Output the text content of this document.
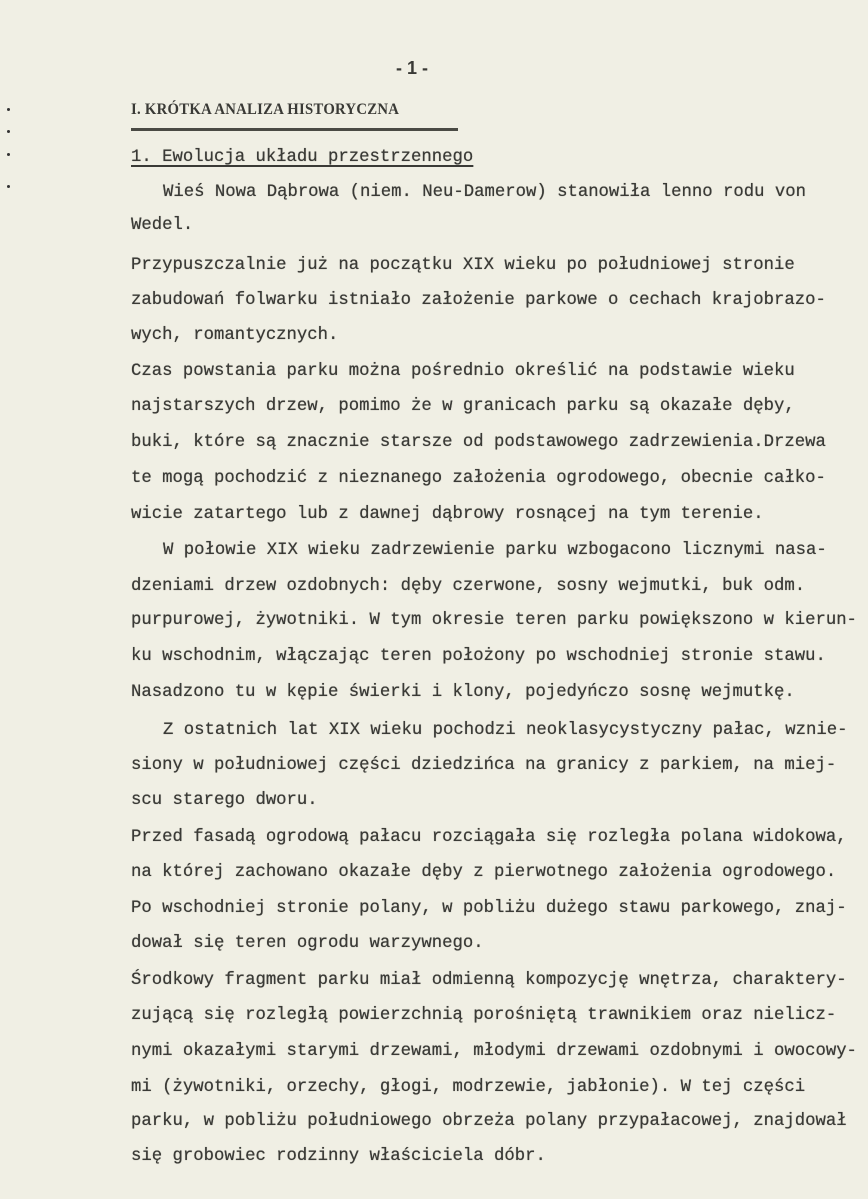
- 1 -
I. KRÓTKA ANALIZA HISTORYCZNA
1. Ewolucja układu przestrzennego
Wieś Nowa Dąbrowa (niem. Neu-Damerow) stanowiła lenno rodu von
Wedel.
Przypuszczalnie już na początku XIX wieku po południowej stronie
zabudowań folwarku istniało założenie parkowe o cechach krajobrazo-
wych, romantycznych.
Czas powstania parku można pośrednio określić na podstawie wieku
najstarszych drzew, pomimo że w granicach parku są okazałe dęby,
buki, które są znacznie starsze od podstawowego zadrzewienia.Drzewa
te mogą pochodzić z nieznanego założenia ogrodowego, obecnie całko-
wicie zatartego lub z dawnej dąbrowy rosnącej na tym terenie.
W połowie XIX wieku zadrzewienie parku wzbogacono licznymi nasa-
dzeniami drzew ozdobnych: dęby czerwone, sosny wejmutki, buk odm.
purpurowej, żywotniki. W tym okresie teren parku powiększono w kierun-
ku wschodnim, włączając teren położony po wschodniej stronie stawu.
Nasadzono tu w kępie świerki i klony, pojedyńczo sosnę wejmutkę.
Z ostatnich lat XIX wieku pochodzi neoklasycystyczny pałac, wznie-
siony w południowej części dziedzińca na granicy z parkiem, na miej-
scu starego dworu.
Przed fasadą ogrodową pałacu rozciągała się rozległa polana widokowa,
na której zachowano okazałe dęby z pierwotnego założenia ogrodowego.
Po wschodniej stronie polany, w pobliżu dużego stawu parkowego, znaj-
dował się teren ogrodu warzywnego.
Środkowy fragment parku miał odmienną kompozycję wnętrza, charaktery-
zującą się rozległą powierzchnią porośniętą trawnikiem oraz nielicz-
nymi okazałymi starymi drzewami, młodymi drzewami ozdobnymi i owocowy-
mi (żywotniki, orzechy, głogi, modrzewie, jabłonie). W tej części
parku, w pobliżu południowego obrzeża polany przypałacowej, znajdował
się grobowiec rodzinny właściciela dóbr.
